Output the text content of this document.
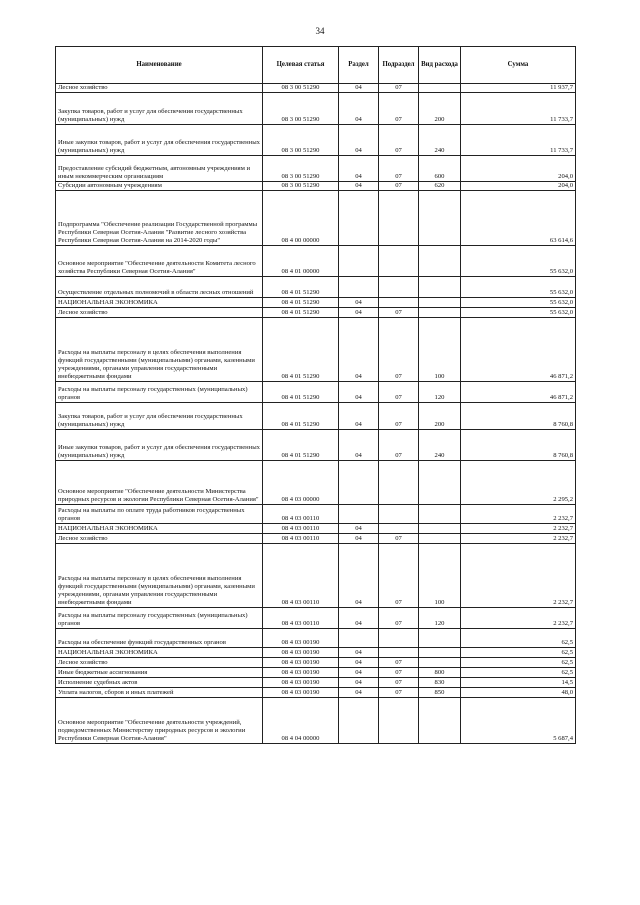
34
Наименование	Целевая статья	Раздел	Подраздел	Вид расхода	Сумма
Лесное хозяйство	08 3 00 51290	04	07		11 937,7
Закупка товаров, работ и услуг для обеспечения государственных (муниципальных) нужд	08 3 00 51290	04	07	200	11 733,7
Иные закупки товаров, работ и услуг для обеспечения государственных (муниципальных) нужд	08 3 00 51290	04	07	240	11 733,7
Предоставление субсидий бюджетным, автономным учреждениям и иным некоммерческим организациям	08 3 00 51290	04	07	600	204,0
Субсидии автономным учреждениям	08 3 00 51290	04	07	620	204,0
Подпрограмма "Обеспечение реализации Государственной программы Республики Северная Осетия-Алания "Развитие лесного хозяйства Республики Северная Осетия-Алания на 2014-2020 годы"	08 4 00 00000				63 614,6
Основное мероприятие "Обеспечение деятельности Комитета лесного хозяйства Республики Северная Осетия-Алания"	08 4 01 00000				55 632,0
Осуществление отдельных полномочий в области лесных отношений	08 4 01 51290				55 632,0
НАЦИОНАЛЬНАЯ ЭКОНОМИКА	08 4 01 51290	04			55 632,0
Лесное хозяйство	08 4 01 51290	04	07		55 632,0
Расходы на выплаты персоналу в целях обеспечения выполнения функций государственными (муниципальными) органами, казенными учреждениями, органами управления государственными внебюджетными фондами	08 4 01 51290	04	07	100	46 871,2
Расходы на выплаты персоналу государственных (муниципальных) органов	08 4 01 51290	04	07	120	46 871,2
Закупка товаров, работ и услуг для обеспечения государственных (муниципальных) нужд	08 4 01 51290	04	07	200	8 760,8
Иные закупки товаров, работ и услуг для обеспечения государственных (муниципальных) нужд	08 4 01 51290	04	07	240	8 760,8
Основное мероприятие "Обеспечение деятельности Министерства природных ресурсов и экологии Республики Северная Осетия-Алания"	08 4 03 00000				2 295,2
Расходы на выплаты по оплате труда работников государственных органов	08 4 03 00110				2 232,7
НАЦИОНАЛЬНАЯ ЭКОНОМИКА	08 4 03 00110	04			2 232,7
Лесное хозяйство	08 4 03 00110	04	07		2 232,7
Расходы на выплаты персоналу в целях обеспечения выполнения функций государственными (муниципальными) органами, казенными учреждениями, органами управления государственными внебюджетными фондами	08 4 03 00110	04	07	100	2 232,7
Расходы на выплаты персоналу государственных (муниципальных) органов	08 4 03 00110	04	07	120	2 232,7
Расходы на обеспечение функций государственных органов	08 4 03 00190				62,5
НАЦИОНАЛЬНАЯ ЭКОНОМИКА	08 4 03 00190	04			62,5
Лесное хозяйство	08 4 03 00190	04	07		62,5
Иные бюджетные ассигнования	08 4 03 00190	04	07	800	62,5
Исполнение судебных актов	08 4 03 00190	04	07	830	14,5
Уплата налогов, сборов и иных платежей	08 4 03 00190	04	07	850	48,0
Основное мероприятие "Обеспечение деятельности учреждений, подведомственных Министерству природных ресурсов и экологии Республики Северная Осетия-Алания"	08 4 04 00000				5 687,4
